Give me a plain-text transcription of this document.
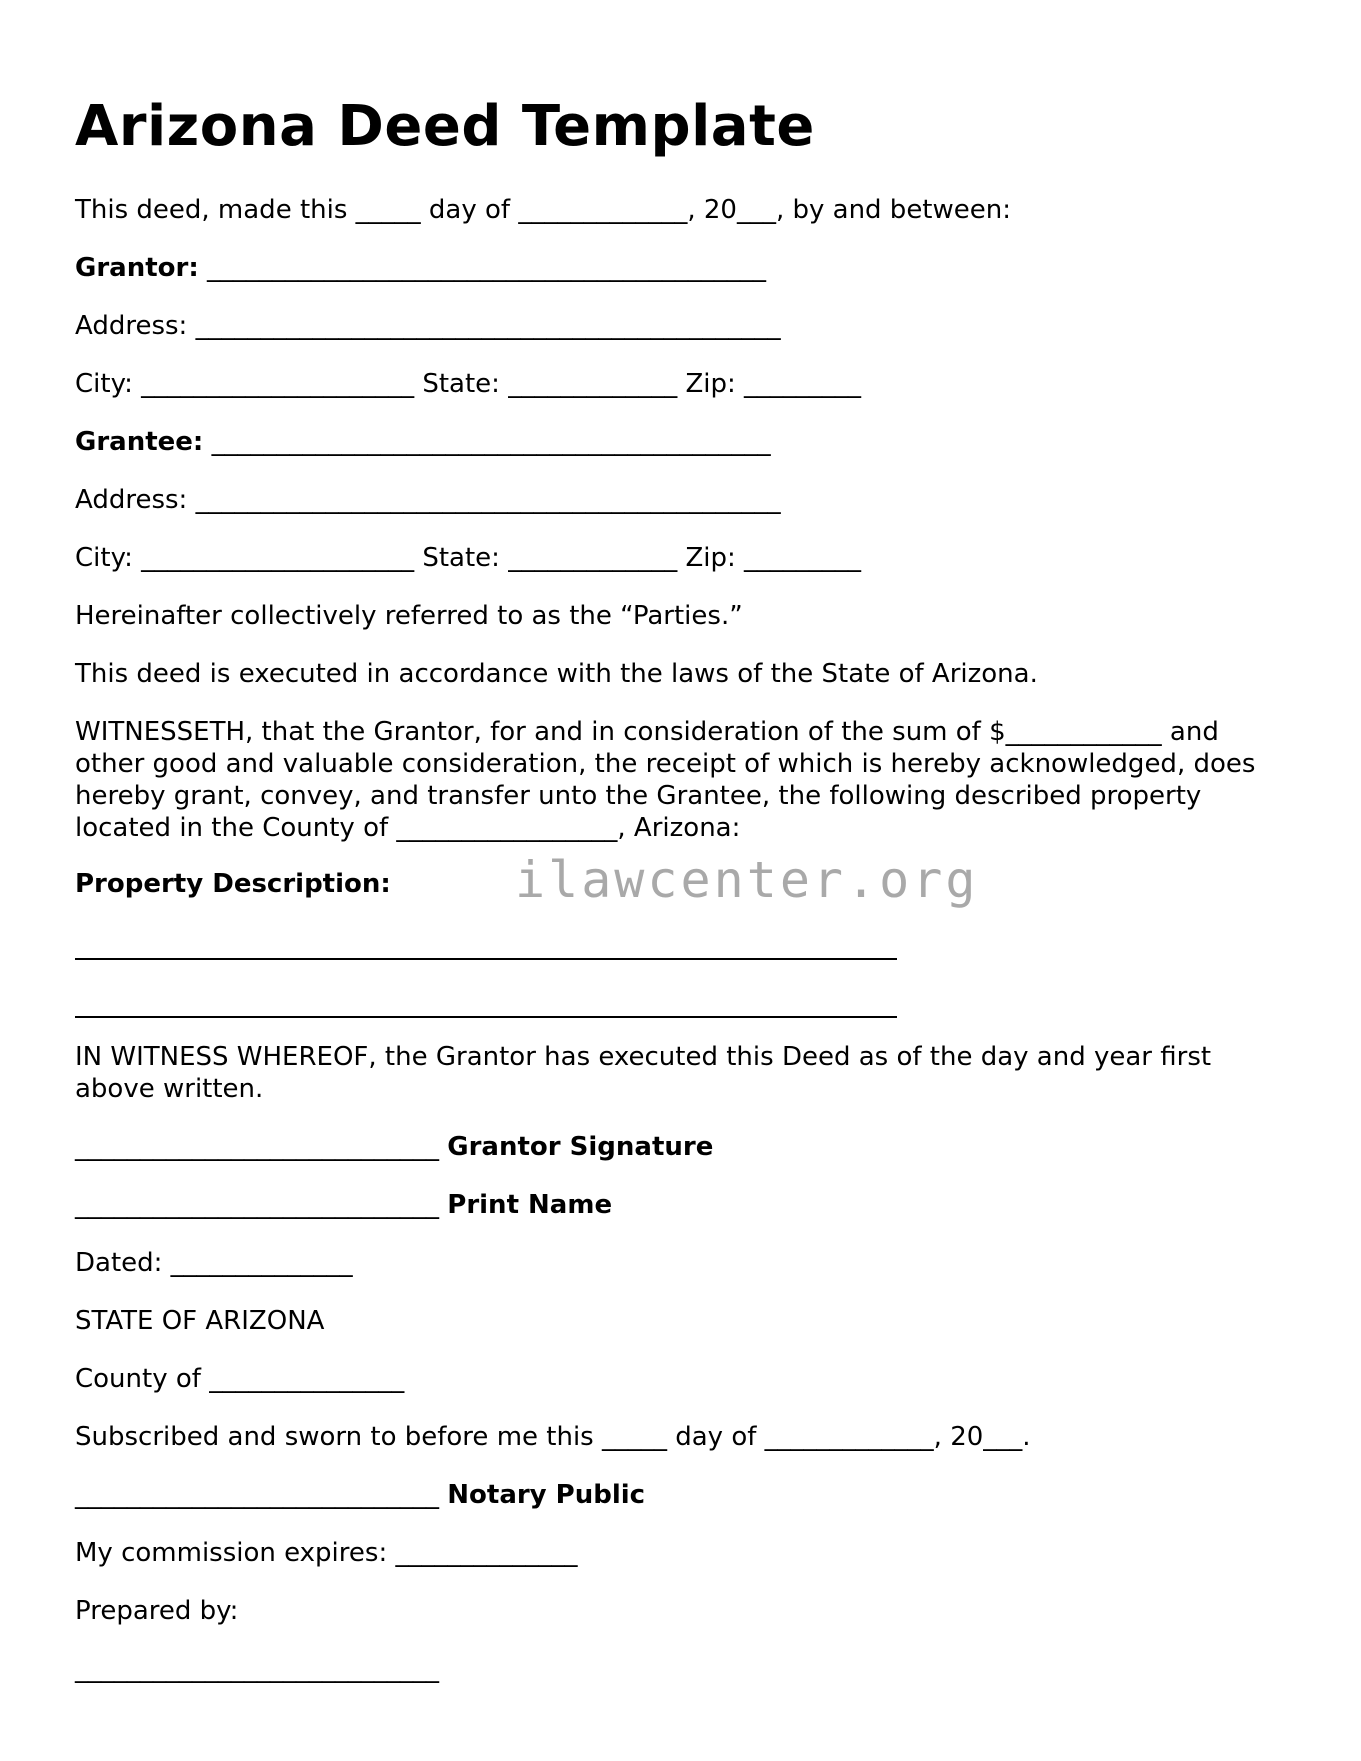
Arizona Deed Template
This deed, made this _____ day of _____________, 20___, by and between:
Grantor: ___________________________________________
Address: _____________________________________________
City: _____________________ State: _____________ Zip: _________
Grantee: ___________________________________________
Address: _____________________________________________
City: _____________________ State: _____________ Zip: _________
Hereinafter collectively referred to as the “Parties.”
This deed is executed in accordance with the laws of the State of Arizona.

WITNESSETH, that the Grantor, for and in consideration of the sum of $____________ and other good and valuable consideration, the receipt of which is hereby acknowledged, does hereby grant, convey, and transfer unto the Grantee, the following described property located in the County of _________________, Arizona:

Property Description: ilawcenter.org

IN WITNESS WHEREOF, the Grantor has executed this Deed as of the day and year first above written.

____________________________ Grantor Signature
____________________________ Print Name
Dated: ______________
STATE OF ARIZONA
County of _______________
Subscribed and sworn to before me this _____ day of _____________, 20___.
____________________________ Notary Public
My commission expires: ______________
Prepared by:
____________________________
